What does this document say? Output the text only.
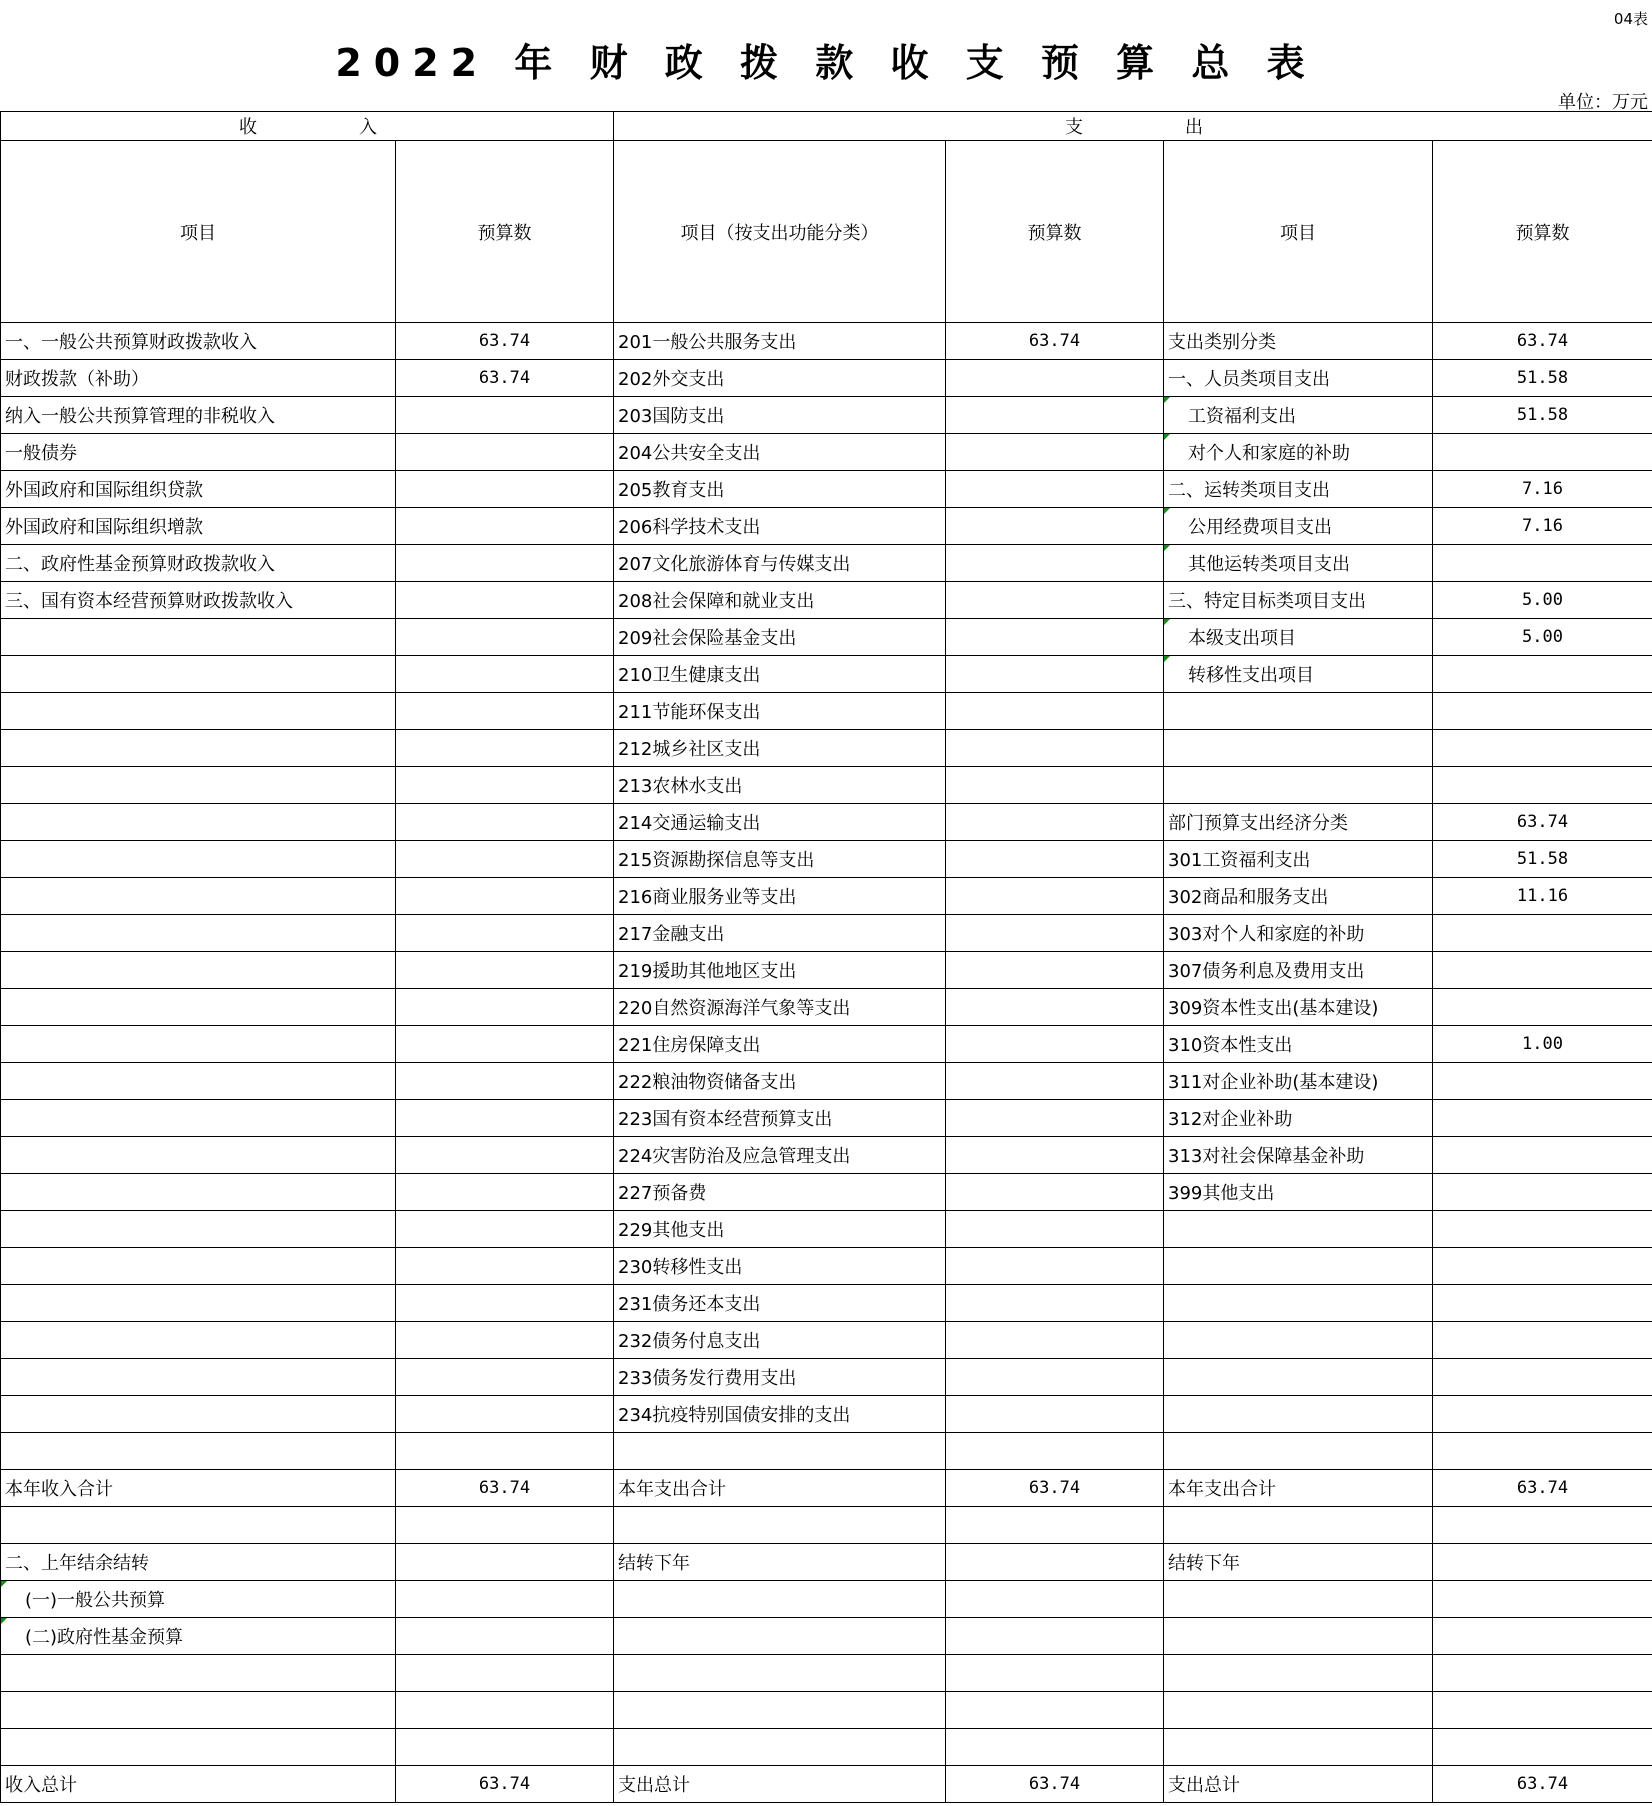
04表
2022 年 财 政 拨 款 收 支 预 算 总 表
单位：万元
收　　　　　入		支　　　　　出			
项目	预算数	项目（按支出功能分类）	预算数	项目	预算数
一、一般公共预算财政拨款收入	63.74	201一般公共服务支出	63.74	支出类别分类	63.74
财政拨款（补助）	63.74	202外交支出		一、人员类项目支出	51.58
纳入一般公共预算管理的非税收入		203国防支出		工资福利支出	51.58
一般债券		204公共安全支出		对个人和家庭的补助	
外国政府和国际组织贷款		205教育支出		二、运转类项目支出	7.16
外国政府和国际组织增款		206科学技术支出		公用经费项目支出	7.16
二、政府性基金预算财政拨款收入		207文化旅游体育与传媒支出		其他运转类项目支出	
三、国有资本经营预算财政拨款收入		208社会保障和就业支出		三、特定目标类项目支出	5.00
		209社会保险基金支出		本级支出项目	5.00
		210卫生健康支出		转移性支出项目	
		211节能环保支出			
		212城乡社区支出			
		213农林水支出			
		214交通运输支出		部门预算支出经济分类	63.74
		215资源勘探信息等支出		301工资福利支出	51.58
		216商业服务业等支出		302商品和服务支出	11.16
		217金融支出		303对个人和家庭的补助	
		219援助其他地区支出		307债务利息及费用支出	
		220自然资源海洋气象等支出		309资本性支出(基本建设)	
		221住房保障支出		310资本性支出	1.00
		222粮油物资储备支出		311对企业补助(基本建设)	
		223国有资本经营预算支出		312对企业补助	
		224灾害防治及应急管理支出		313对社会保障基金补助	
		227预备费		399其他支出	
		229其他支出			
		230转移性支出			
		231债务还本支出			
		232债务付息支出			
		233债务发行费用支出			
		234抗疫特别国债安排的支出			

本年收入合计	63.74	本年支出合计	63.74	本年支出合计	63.74

二、上年结余结转		结转下年		结转下年	
(一)一般公共预算					
(二)政府性基金预算					

收入总计	63.74	支出总计	63.74	支出总计	63.74
